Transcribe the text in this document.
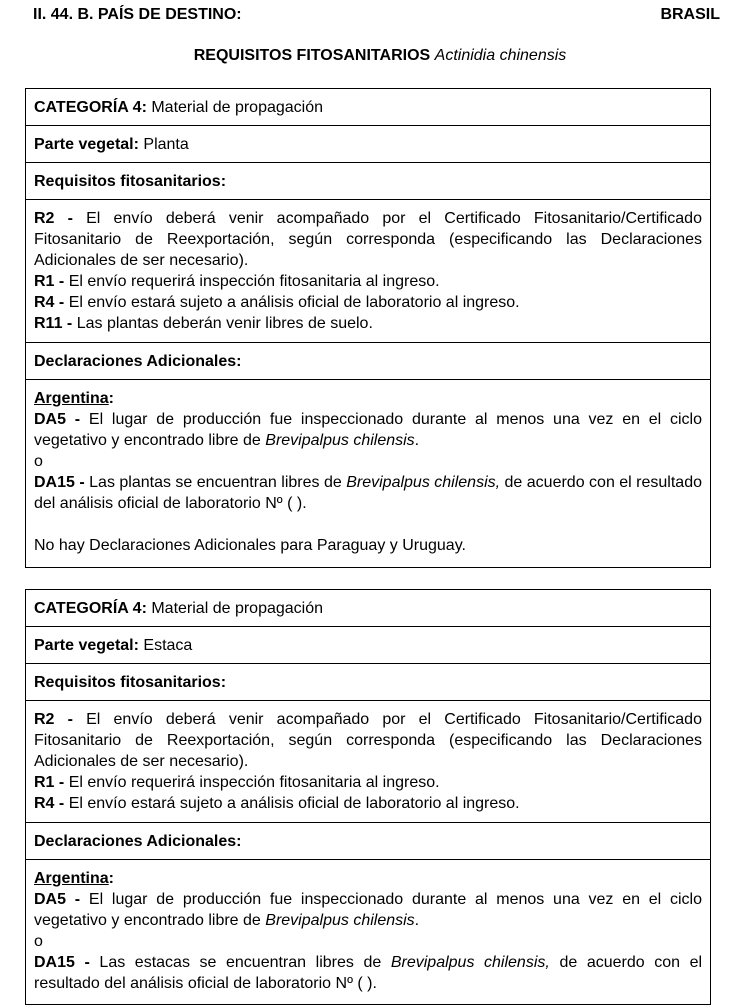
II. 44. B. PAÍS DE DESTINO:	BRASIL
REQUISITOS FITOSANITARIOS Actinidia chinensis
CATEGORÍA 4: Material de propagación
Parte vegetal: Planta
Requisitos fitosanitarios:

R2 - El envío deberá venir acompañado por el Certificado Fitosanitario/Certificado Fitosanitario de Reexportación, según corresponda (especificando las Declaraciones Adicionales de ser necesario).

R1 - El envío requerirá inspección fitosanitaria al ingreso.

R4 - El envío estará sujeto a análisis oficial de laboratorio al ingreso.

R11 - Las plantas deberán venir libres de suelo.

Declaraciones Adicionales:

Argentina:

DA5 - El lugar de producción fue inspeccionado durante al menos una vez en el ciclo vegetativo y encontrado libre de Brevipalpus chilensis.

o

DA15 - Las plantas se encuentran libres de Brevipalpus chilensis, de acuerdo con el resultado del análisis oficial de laboratorio Nº ( ).

No hay Declaraciones Adicionales para Paraguay y Uruguay.

CATEGORÍA 4: Material de propagación
Parte vegetal: Estaca
Requisitos fitosanitarios:

R2 - El envío deberá venir acompañado por el Certificado Fitosanitario/Certificado Fitosanitario de Reexportación, según corresponda (especificando las Declaraciones Adicionales de ser necesario).

R1 - El envío requerirá inspección fitosanitaria al ingreso.

R4 - El envío estará sujeto a análisis oficial de laboratorio al ingreso.

Declaraciones Adicionales:

Argentina:

DA5 - El lugar de producción fue inspeccionado durante al menos una vez en el ciclo vegetativo y encontrado libre de Brevipalpus chilensis.

o

DA15 - Las estacas se encuentran libres de Brevipalpus chilensis, de acuerdo con el resultado del análisis oficial de laboratorio Nº ( ).
